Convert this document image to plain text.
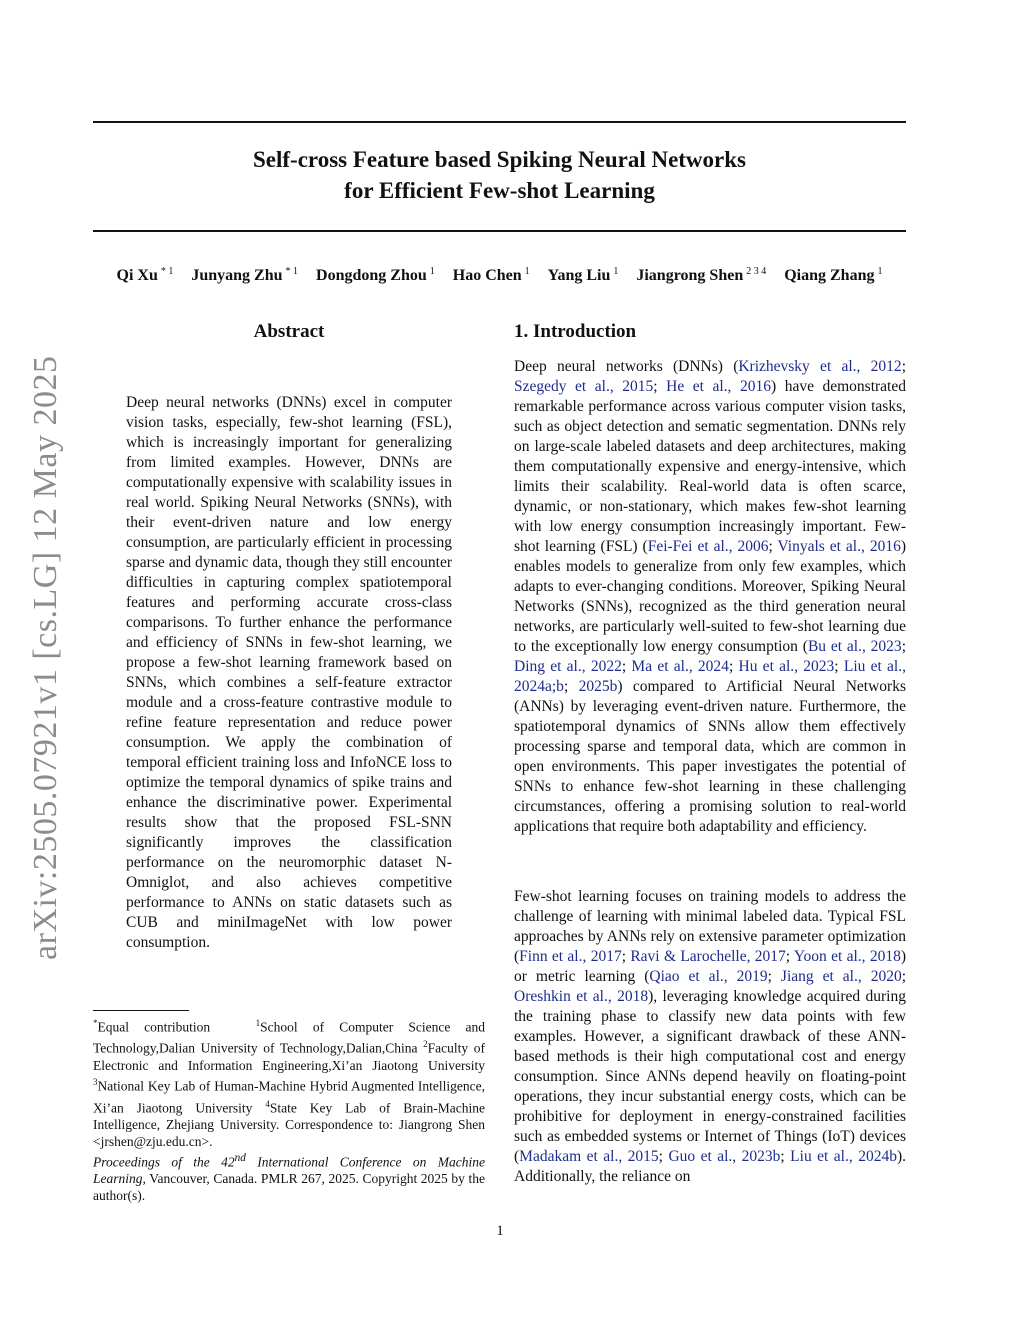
arXiv:2505.07921v1 [cs.LG] 12 May 2025
Self-cross Feature based Spiking Neural Networks
for Efficient Few-shot Learning
Qi Xu $^{* 1}$ Junyang Zhu $^{* 1}$ Dongdong Zhou $^1$ Hao Chen $^1$ Yang Liu $^1$ Jiangrong Shen $^{2 3 4}$ Qiang Zhang $^1$
Abstract

Deep neural networks (DNNs) excel in computer vision tasks, especially, few-shot learning (FSL), which is increasingly important for generalizing from limited examples. However, DNNs are computationally expensive with scalability issues in real world. Spiking Neural Networks (SNNs), with their event-driven nature and low energy consumption, are particularly efficient in processing sparse and dynamic data, though they still encounter difficulties in capturing complex spatiotemporal features and performing accurate cross-class comparisons. To further enhance the performance and efficiency of SNNs in few-shot learning, we propose a few-shot learning framework based on SNNs, which combines a self-feature extractor module and a cross-feature contrastive module to refine feature representation and reduce power consumption. We apply the combination of temporal efficient training loss and InfoNCE loss to optimize the temporal dynamics of spike trains and enhance the discriminative power. Experimental results show that the proposed FSL-SNN significantly improves the classification performance on the neuromorphic dataset N-Omniglot, and also achieves competitive performance to ANNs on static datasets such as CUB and miniImageNet with low power consumption.

*Equal contribution	$^1$School of Computer Science and Technology,Dalian University of Technology,Dalian,China $^2$Faculty of Electronic and Information Engineering,Xi’an Jiaotong University $^3$National Key Lab of Human-Machine Hybrid Augmented Intelligence, Xi’an Jiaotong University $^4$State Key Lab of Brain-Machine Intelligence, Zhejiang University. Correspondence to: Jiangrong Shen <jrshen@zju.edu.cn>.

Proceedings of the 42nd International Conference on Machine Learning, Vancouver, Canada. PMLR 267, 2025. Copyright 2025 by the author(s).

1. Introduction

Deep neural networks (DNNs) (Krizhevsky et al., 2012; Szegedy et al., 2015; He et al., 2016) have demonstrated remarkable performance across various computer vision tasks, such as object detection and sematic segmentation. DNNs rely on large-scale labeled datasets and deep architectures, making them computationally expensive and energy-intensive, which limits their scalability. Real-world data is often scarce, dynamic, or non-stationary, which makes few-shot learning with low energy consumption increasingly important. Few-shot learning (FSL) (Fei-Fei et al., 2006; Vinyals et al., 2016) enables models to generalize from only few examples, which adapts to ever-changing conditions. Moreover, Spiking Neural Networks (SNNs), recognized as the third generation neural networks, are particularly well-suited to few-shot learning due to the exceptionally low energy consumption (Bu et al., 2023; Ding et al., 2022; Ma et al., 2024; Hu et al., 2023; Liu et al., 2024a;b; 2025b) compared to Artificial Neural Networks (ANNs) by leveraging event-driven nature. Furthermore, the spatiotemporal dynamics of SNNs allow them effectively processing sparse and temporal data, which are common in open environments. This paper investigates the potential of SNNs to enhance few-shot learning in these challenging circumstances, offering a promising solution to real-world applications that require both adaptability and efficiency.

Few-shot learning focuses on training models to address the challenge of learning with minimal labeled data. Typical FSL approaches by ANNs rely on extensive parameter optimization (Finn et al., 2017; Ravi & Larochelle, 2017; Yoon et al., 2018) or metric learning (Qiao et al., 2019; Jiang et al., 2020; Oreshkin et al., 2018), leveraging knowledge acquired during the training phase to classify new data points with few examples. However, a significant drawback of these ANN-based methods is their high computational cost and energy consumption. Since ANNs depend heavily on floating-point operations, they incur substantial energy costs, which can be prohibitive for deployment in energy-constrained facilities such as embedded systems or Internet of Things (IoT) devices (Madakam et al., 2015; Guo et al., 2023b; Liu et al., 2024b). Additionally, the reliance on

1
